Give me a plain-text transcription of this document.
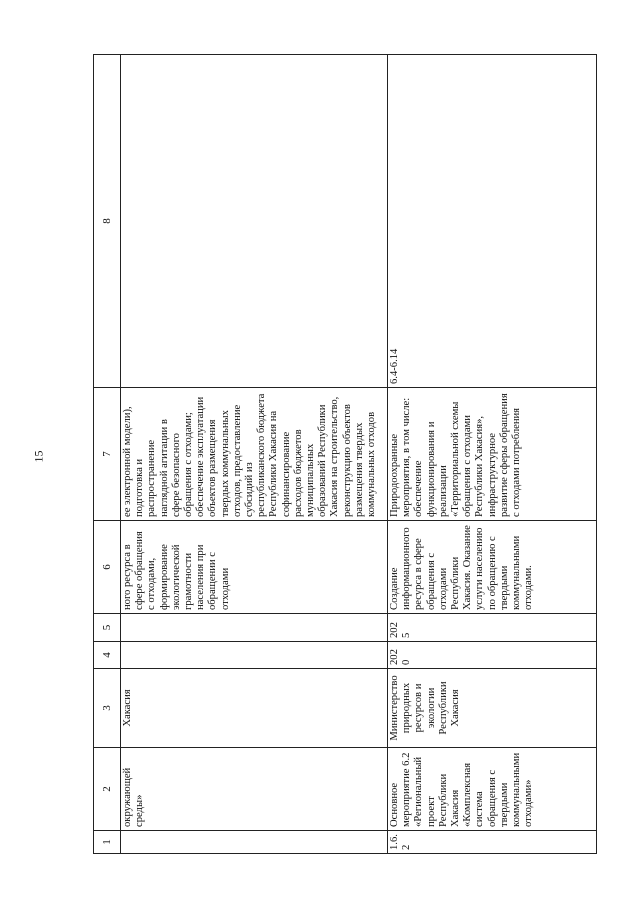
15
1	2	3	4	5	6	7	8
	окружающей среды»	Хакасия			ного ресурса в сфере обращения с отходами, формирование экологической грамотности населения при обращении с отходами	ее электронной модели), подготовка и распространение наглядной агитации в сфере безопасного обращения с отходами; обеспечение эксплуатации объектов размещения твердых коммунальных отходов, предоставление субсидий из республиканского бюджета Республики Хакасия на софинансирование расходов бюджетов муниципальных образований Республики Хакасия на строительство, реконструкцию объектов размещения твердых коммунальных отходов	

1.6.2	Основное мероприятие 6.2 «Региональный проект Республики Хакасия «Комплексная система обращения с твердыми коммунальными отходами»	Министерство природных ресурсов и экологии Республики Хакасия	2020	2025	Создание информационного ресурса в сфере обращения с отходами Республики Хакасия. Оказание услуги населению по обращению с твердыми коммунальными отходами.	Природоохранные мероприятия, в том числе: обеспечение функционирования и реализации «Территориальной схемы обращения с отходами Республики Хакасия», инфраструктурное развитие сферы обращения с отходами потребления	6.4-6.14
